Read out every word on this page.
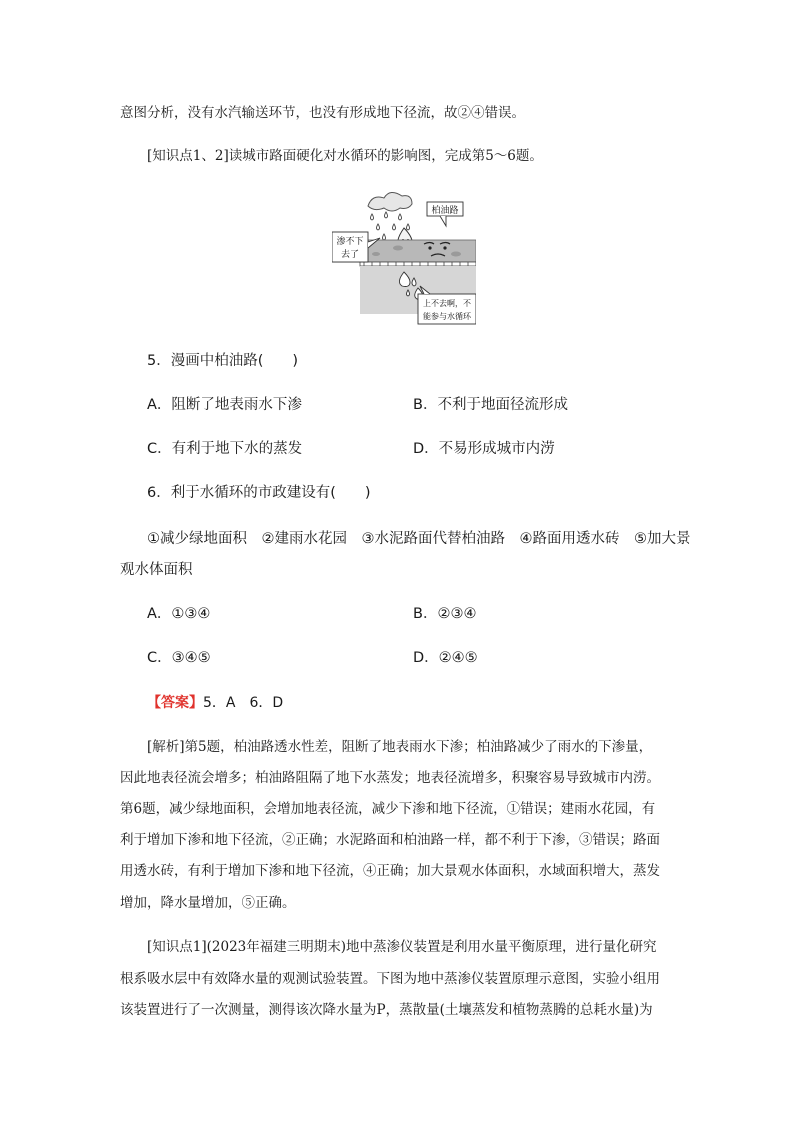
意图分析，没有水汽输送环节，也没有形成地下径流，故②④错误。
[知识点1、2]读城市路面硬化对水循环的影响图，完成第5～6题。
柏油路
渗不下
去了
上不去啊，不
能参与水循环
5．漫画中柏油路(　　)
A．阻断了地表雨水下渗	B．不利于地面径流形成
C．有利于地下水的蒸发	D．不易形成城市内涝
6．利于水循环的市政建设有(　　)
①减少绿地面积　②建雨水花园　③水泥路面代替柏油路　④路面用透水砖　⑤加大景
观水体面积
A．①③④	B．②③④
C．③④⑤	D．②④⑤
【答案】5．A　6．D
[解析]第5题，柏油路透水性差，阻断了地表雨水下渗；柏油路减少了雨水的下渗量，
因此地表径流会增多；柏油路阻隔了地下水蒸发；地表径流增多，积聚容易导致城市内涝。
第6题，减少绿地面积，会增加地表径流，减少下渗和地下径流，①错误；建雨水花园，有
利于增加下渗和地下径流，②正确；水泥路面和柏油路一样，都不利于下渗，③错误；路面
用透水砖，有利于增加下渗和地下径流，④正确；加大景观水体面积，水域面积增大，蒸发
增加，降水量增加，⑤正确。
[知识点1](2023年福建三明期末)地中蒸渗仪装置是利用水量平衡原理，进行量化研究
根系吸水层中有效降水量的观测试验装置。下图为地中蒸渗仪装置原理示意图，实验小组用
该装置进行了一次测量，测得该次降水量为P，蒸散量(土壤蒸发和植物蒸腾的总耗水量)为
